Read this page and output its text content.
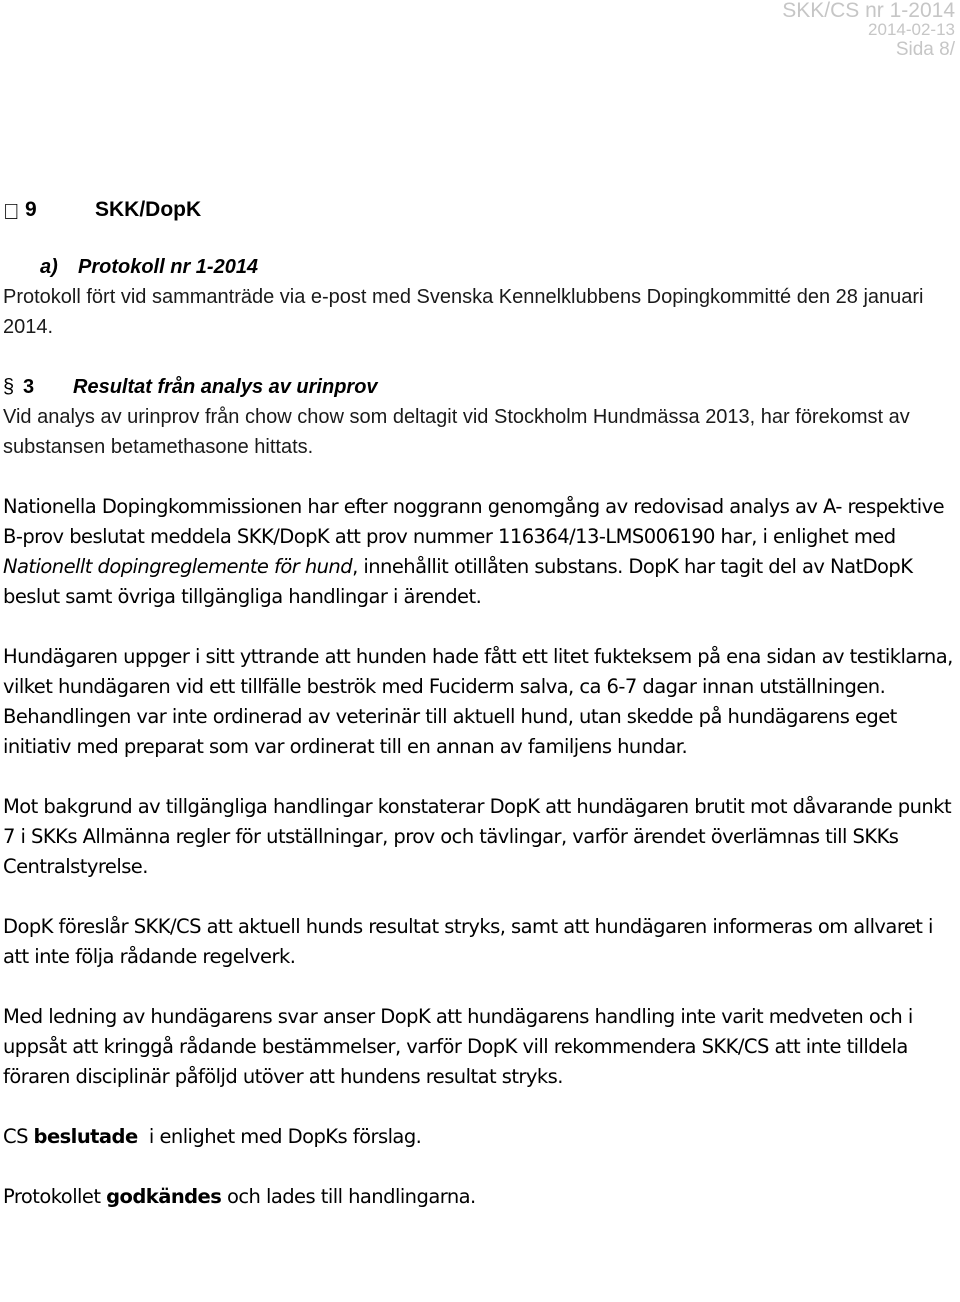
SKK/CS nr 1-2014
2014-02-13
Sida 8/
9	SKK/DopK
a) Protokoll nr 1-2014

Protokoll fört vid sammanträde via e-post med Svenska Kennelklubbens Dopingkommitté den 28 januari 2014.

§ 3	Resultat från analys av urinprov

Vid analys av urinprov från chow chow som deltagit vid Stockholm Hundmässa 2013, har förekomst av substansen betamethasone hittats.

Nationella Dopingkommissionen har efter noggrann genomgång av redovisad analys av A- respektive B-prov beslutat meddela SKK/DopK att prov nummer 116364/13-LMS006190 har, i enlighet med Nationellt dopingreglemente för hund, innehållit otillåten substans. DopK har tagit del av NatDopK beslut samt övriga tillgängliga handlingar i ärendet.

Hundägaren uppger i sitt yttrande att hunden hade fått ett litet fukteksem på ena sidan av testiklarna, vilket hundägaren vid ett tillfälle beströk med Fuciderm salva, ca 6-7 dagar innan utställningen. Behandlingen var inte ordinerad av veterinär till aktuell hund, utan skedde på hundägarens eget initiativ med preparat som var ordinerat till en annan av familjens hundar.

Mot bakgrund av tillgängliga handlingar konstaterar DopK att hundägaren brutit mot dåvarande punkt 7 i SKKs Allmänna regler för utställningar, prov och tävlingar, varför ärendet överlämnas till SKKs Centralstyrelse.

DopK föreslår SKK/CS att aktuell hunds resultat stryks, samt att hundägaren informeras om allvaret i att inte följa rådande regelverk.

Med ledning av hundägarens svar anser DopK att hundägarens handling inte varit medveten och i uppsåt att kringgå rådande bestämmelser, varför DopK vill rekommendera SKK/CS att inte tilldela föraren disciplinär påföljd utöver att hundens resultat stryks.

CS beslutade  i enlighet med DopKs förslag.

Protokollet godkändes och lades till handlingarna.
